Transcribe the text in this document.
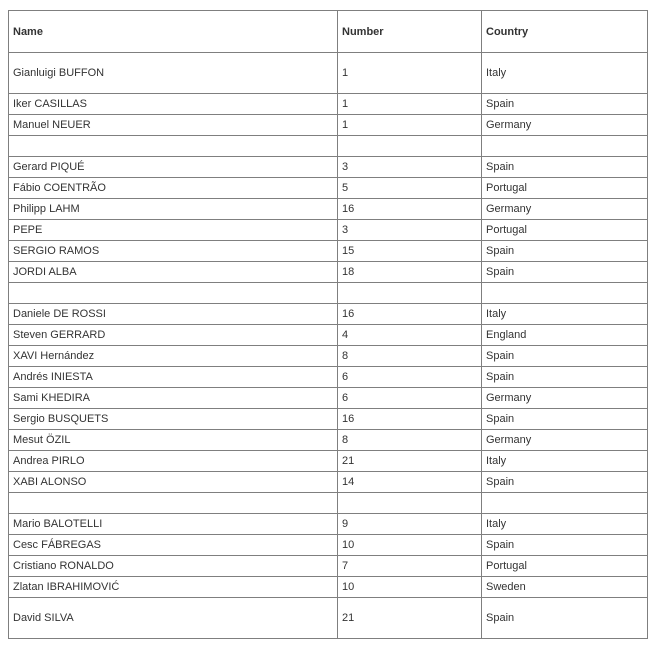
Name	Number	Country
Gianluigi BUFFON	1	Italy
Iker CASILLAS	1	Spain
Manuel NEUER	1	Germany

Gerard PIQUÉ	3	Spain
Fábio COENTRÃO	5	Portugal
Philipp LAHM	16	Germany
PEPE	3	Portugal
SERGIO RAMOS	15	Spain
JORDI ALBA	18	Spain

Daniele DE ROSSI	16	Italy
Steven GERRARD	4	England
XAVI Hernández	8	Spain
Andrés INIESTA	6	Spain
Sami KHEDIRA	6	Germany
Sergio BUSQUETS	16	Spain
Mesut ÖZIL	8	Germany
Andrea PIRLO	21	Italy
XABI ALONSO	14	Spain

Mario BALOTELLI	9	Italy
Cesc FÁBREGAS	10	Spain
Cristiano RONALDO	7	Portugal
Zlatan IBRAHIMOVIĆ	10	Sweden
David SILVA	21	Spain
